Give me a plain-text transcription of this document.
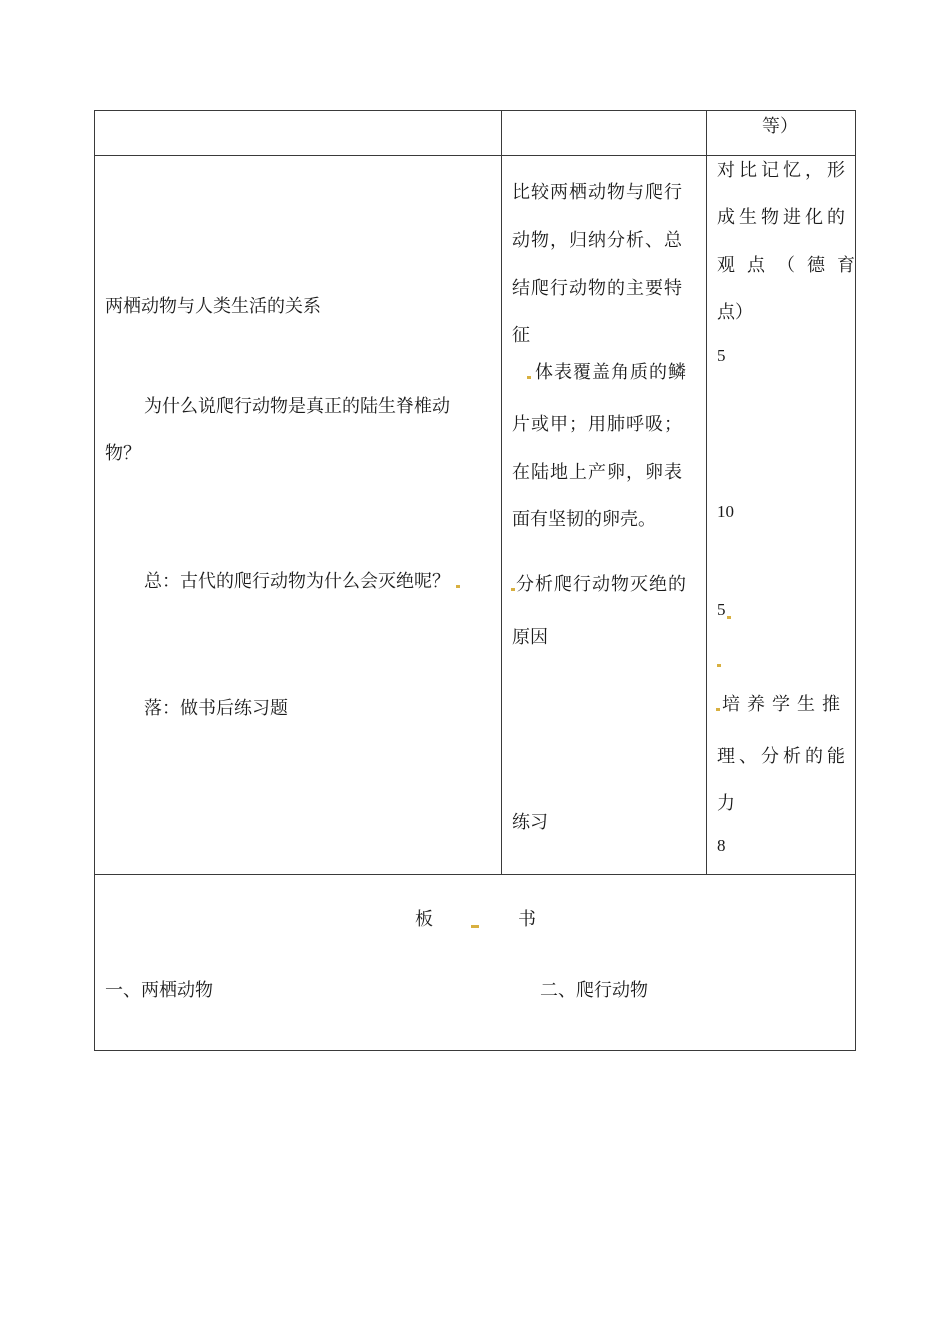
等）
两栖动物与人类生活的关系
为什么说爬行动物是真正的陆生脊椎动
物？
总：古代的爬行动物为什么会灭绝呢？
落：做书后练习题
比较两栖动物与爬行
动物，归纳分析、总
结爬行动物的主要特
征
体表覆盖角质的鳞
片或甲；用肺呼吸；
在陆地上产卵，卵表
面有坚韧的卵壳。
分析爬行动物灭绝的
原因
练习
对比记忆，形
成生物进化的
观点（德育
点）
5
10
5
培养学生推
理、分析的能
力
8
板	书
一、两栖动物	二、爬行动物
